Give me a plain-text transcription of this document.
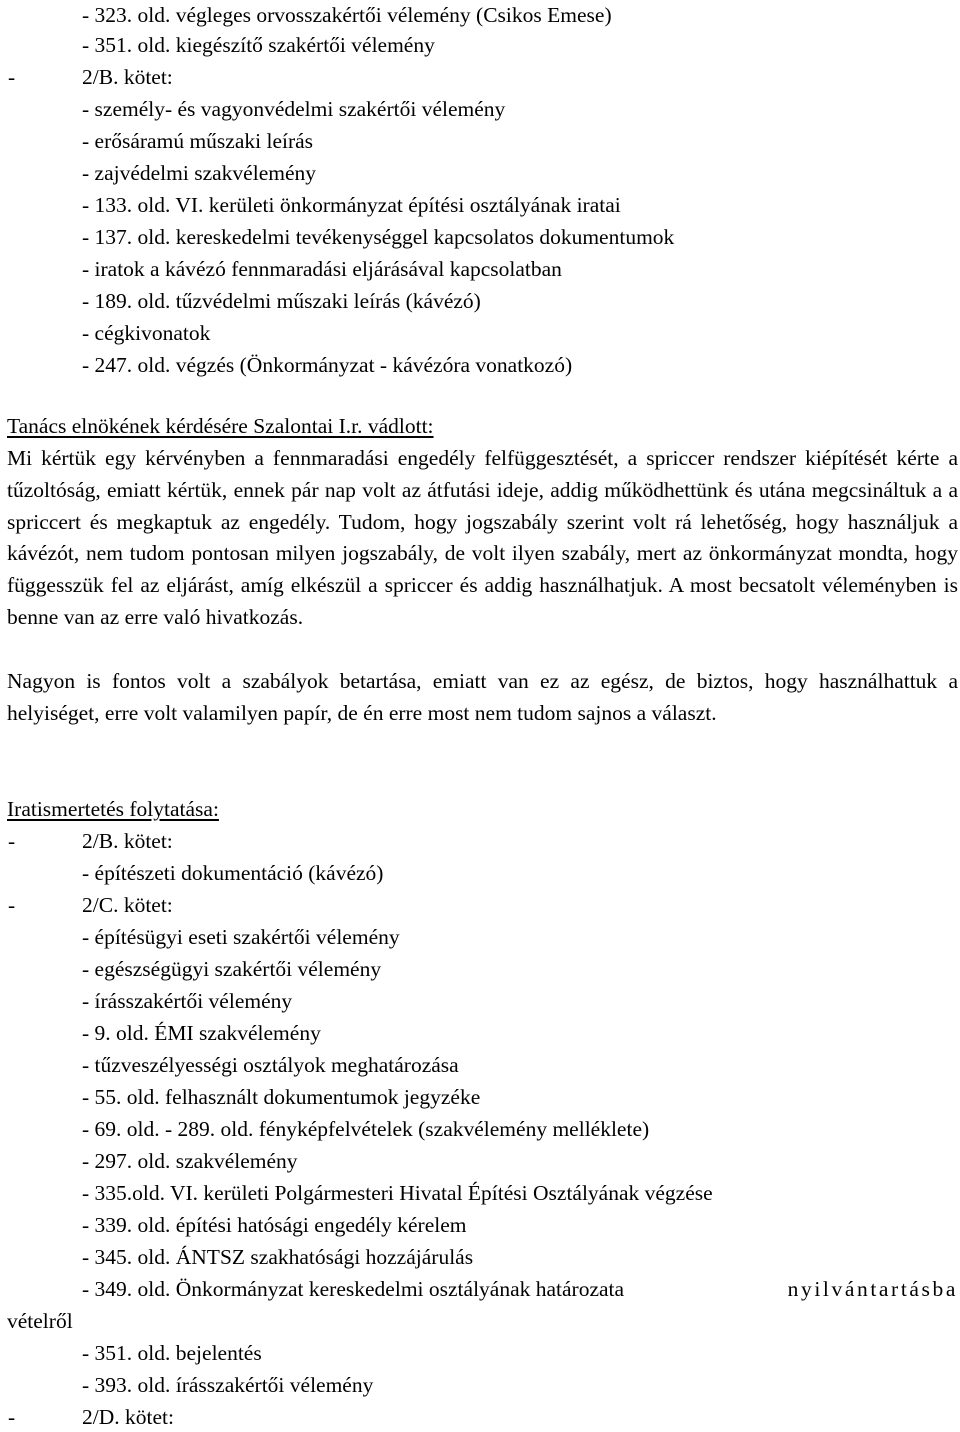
- 323. old. végleges orvosszakértői vélemény (Csikos Emese)
- 351. old. kiegészítő szakértői vélemény
-	2/B. kötet:
- személy- és vagyonvédelmi szakértői vélemény
- erősáramú műszaki leírás
- zajvédelmi szakvélemény
- 133. old. VI. kerületi önkormányzat építési osztályának iratai
- 137. old. kereskedelmi tevékenységgel kapcsolatos dokumentumok
- iratok a kávézó fennmaradási eljárásával kapcsolatban
- 189. old. tűzvédelmi műszaki leírás (kávézó)
- cégkivonatok
- 247. old. végzés (Önkormányzat - kávézóra vonatkozó)
Tanács elnökének kérdésére Szalontai I.r. vádlott:

Mi kértük egy kérvényben a fennmaradási engedély felfüggesztését, a spriccer rendszer kiépítését kérte a tűzoltóság, emiatt kértük, ennek pár nap volt az átfutási ideje, addig működhettünk és utána megcsináltuk a a spriccert és megkaptuk az engedély. Tudom, hogy jogszabály szerint volt rá lehetőség, hogy használjuk a kávézót, nem tudom pontosan milyen jogszabály, de volt ilyen szabály, mert az önkormányzat mondta, hogy függesszük fel az eljárást, amíg elkészül a spriccer és addig használhatjuk. A most becsatolt véleményben is benne van az erre való hivatkozás.

Nagyon is fontos volt a szabályok betartása, emiatt van ez az egész, de biztos, hogy használhattuk a helyiséget, erre volt valamilyen papír, de én erre most nem tudom sajnos a választ.

Iratismertetés folytatása:
-	2/B. kötet:
- építészeti dokumentáció (kávézó)
-	2/C. kötet:
- építésügyi eseti szakértői vélemény
- egészségügyi szakértői vélemény
- írásszakértői vélemény
- 9. old. ÉMI szakvélemény
- tűzveszélyességi osztályok meghatározása
- 55. old. felhasznált dokumentumok jegyzéke
- 69. old. - 289. old. fényképfelvételek (szakvélemény melléklete)
- 297. old. szakvélemény
- 335.old. VI. kerületi Polgármesteri Hivatal Építési Osztályának végzése
- 339. old. építési hatósági engedély kérelem
- 345. old. ÁNTSZ szakhatósági hozzájárulás
- 349. old. Önkormányzat kereskedelmi osztályának határozata	nyilvántartásba
vételről
- 351. old. bejelentés
- 393. old. írásszakértői vélemény
-	2/D. kötet:
